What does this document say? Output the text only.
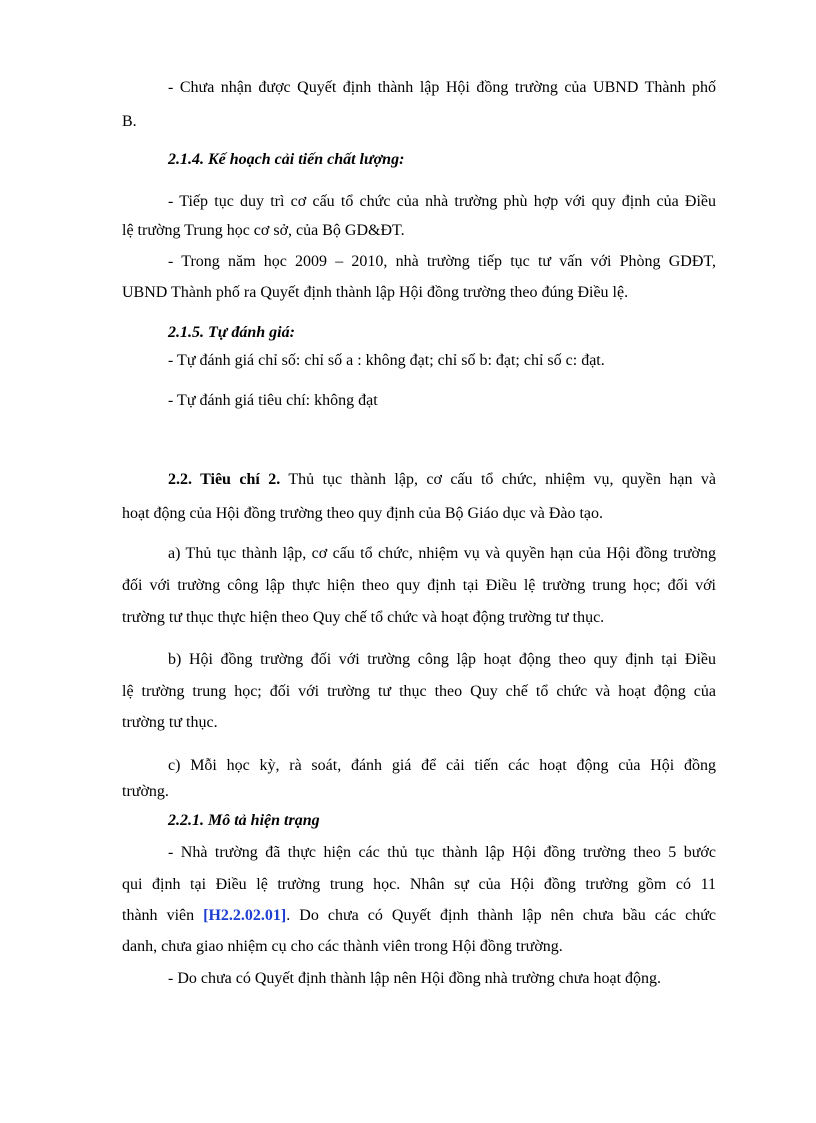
- Chưa nhận được Quyết định thành lập Hội đồng trường của UBND Thành phố

B.

2.1.4. Kế hoạch cải tiến chất lượng:

- Tiếp tục duy trì cơ cấu tổ chức của nhà trường phù hợp với quy định của Điều

lệ trường Trung học cơ sở, của Bộ GD&ĐT.

- Trong năm học 2009 – 2010, nhà trường tiếp tục tư vấn với Phòng GDĐT,

UBND Thành phố ra Quyết định thành lập Hội đồng trường theo đúng Điều lệ.

2.1.5. Tự đánh giá:

- Tự đánh giá chỉ số: chỉ số a : không đạt; chỉ số b: đạt; chỉ số c: đạt.

- Tự đánh giá tiêu chí: không đạt

2.2. Tiêu chí 2. Thủ tục thành lập, cơ cấu tổ chức, nhiệm vụ, quyền hạn và

hoạt động của Hội đồng trường theo quy định của Bộ Giáo dục và Đào tạo.

a) Thủ tục thành lập, cơ cấu tổ chức, nhiệm vụ và quyền hạn của Hội đồng trường

đối với trường công lập thực hiện theo quy định tại Điều lệ trường trung học; đối với

trường tư thục thực hiện theo Quy chế tổ chức và hoạt động trường tư thục.

b) Hội đồng trường đối với trường công lập hoạt động theo quy định tại Điều

lệ trường trung học; đối với trường tư thục theo Quy chế tổ chức và hoạt động của

trường tư thục.

c) Mỗi học kỳ, rà soát, đánh giá để cải tiến các hoạt động của Hội đồng

trường.

2.2.1. Mô tả hiện trạng

- Nhà trường đã thực hiện các thủ tục thành lập Hội đồng trường theo 5 bước

qui định tại Điều lệ trường trung học. Nhân sự của Hội đồng trường gồm có 11

thành viên [H2.2.02.01]. Do chưa có Quyết định thành lập nên chưa bầu các chức

danh, chưa giao nhiệm cụ cho các thành viên trong Hội đồng trường.

- Do chưa có Quyết định thành lập nên Hội đồng nhà trường chưa hoạt động.
